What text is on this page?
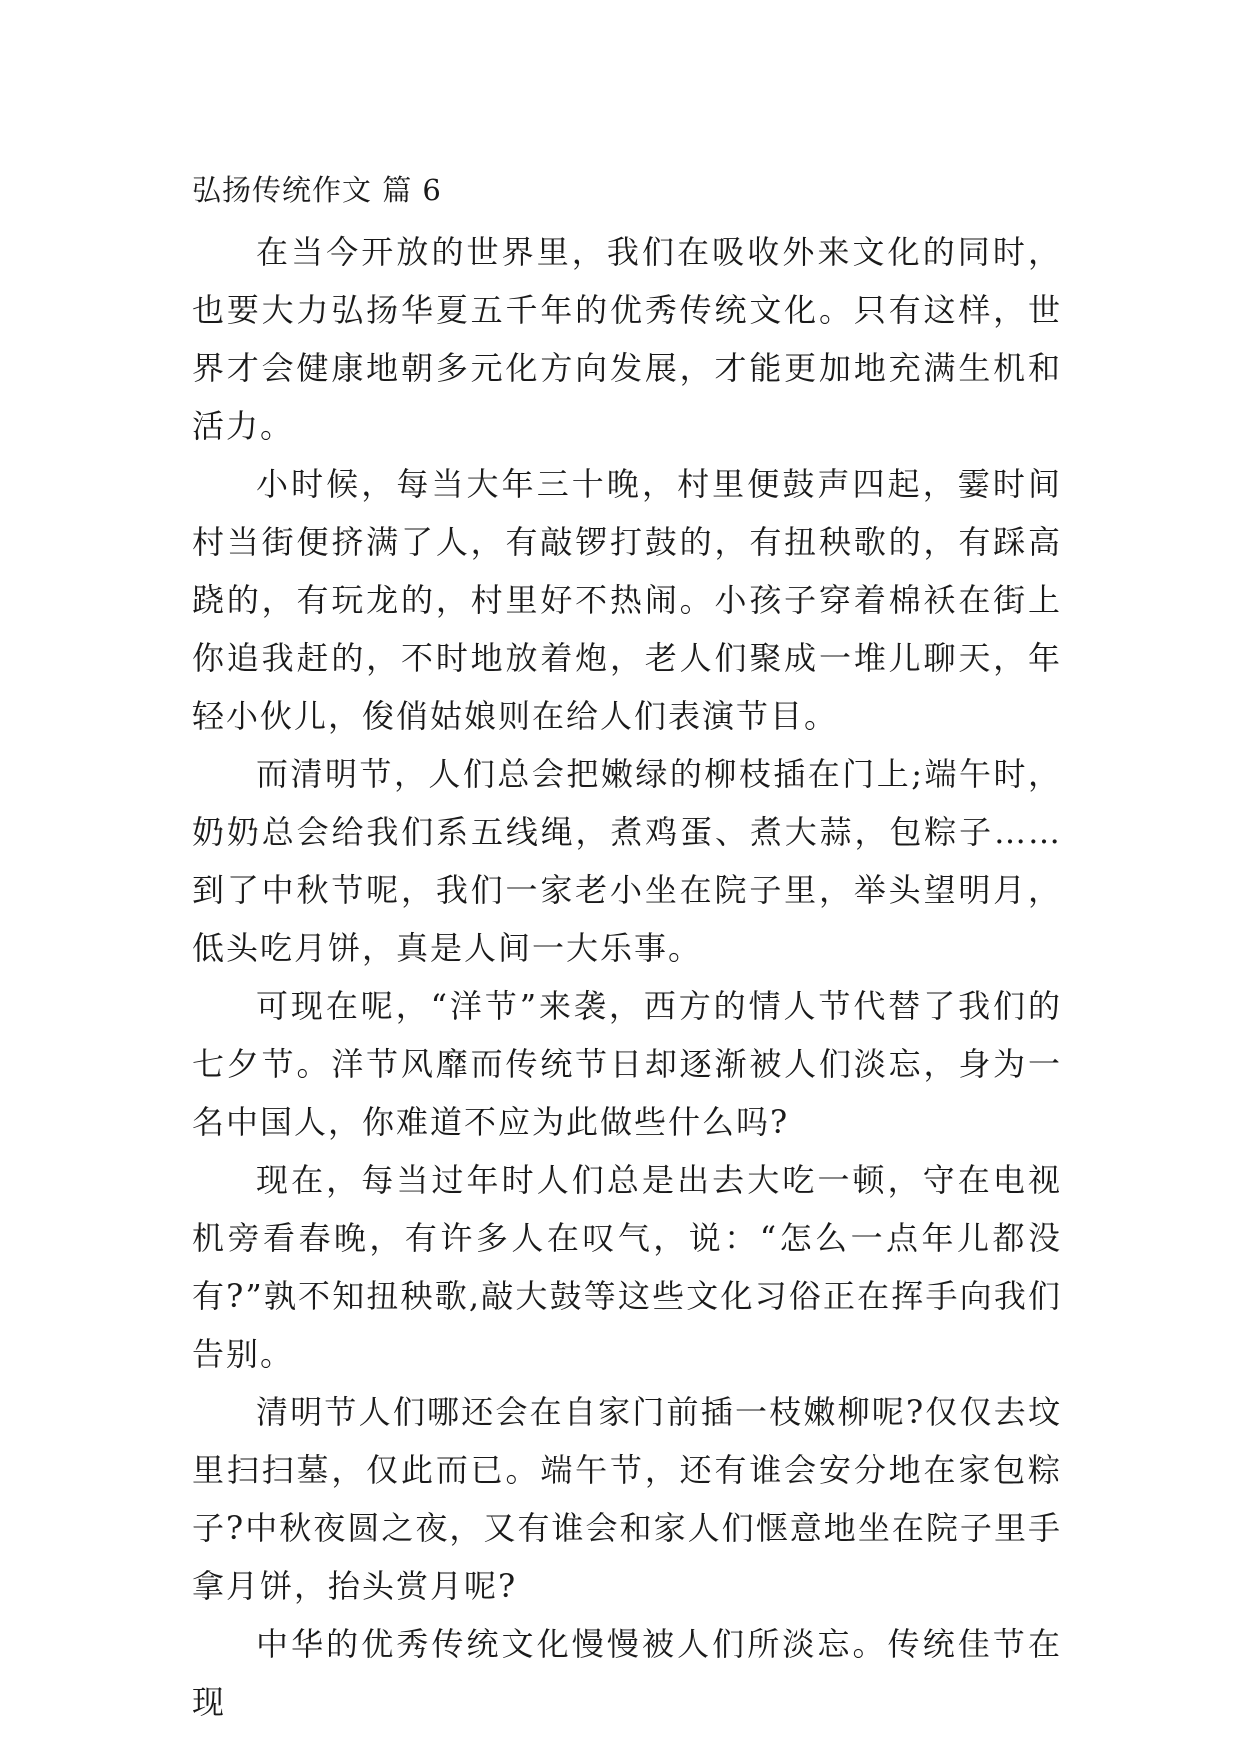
弘扬传统作文 篇 6

在当今开放的世界里，我们在吸收外来文化的同时，也要大力弘扬华夏五千年的优秀传统文化。只有这样，世界才会健康地朝多元化方向发展，才能更加地充满生机和活力。

小时候，每当大年三十晚，村里便鼓声四起，霎时间村当街便挤满了人，有敲锣打鼓的，有扭秧歌的，有踩高跷的，有玩龙的，村里好不热闹。小孩子穿着棉袄在街上你追我赶的，不时地放着炮，老人们聚成一堆儿聊天，年轻小伙儿，俊俏姑娘则在给人们表演节目。

而清明节，人们总会把嫩绿的柳枝插在门上;端午时，奶奶总会给我们系五线绳，煮鸡蛋、煮大蒜，包粽子……到了中秋节呢，我们一家老小坐在院子里，举头望明月，低头吃月饼，真是人间一大乐事。

可现在呢，“洋节”来袭，西方的情人节代替了我们的七夕节。洋节风靡而传统节日却逐渐被人们淡忘，身为一名中国人，你难道不应为此做些什么吗?

现在，每当过年时人们总是出去大吃一顿，守在电视机旁看春晚，有许多人在叹气，说：“怎么一点年儿都没有?”孰不知扭秧歌,敲大鼓等这些文化习俗正在挥手向我们告别。

清明节人们哪还会在自家门前插一枝嫩柳呢?仅仅去坟里扫扫墓，仅此而已。端午节，还有谁会安分地在家包粽子?中秋夜圆之夜，又有谁会和家人们惬意地坐在院子里手拿月饼，抬头赏月呢?

中华的优秀传统文化慢慢被人们所淡忘。传统佳节在现
